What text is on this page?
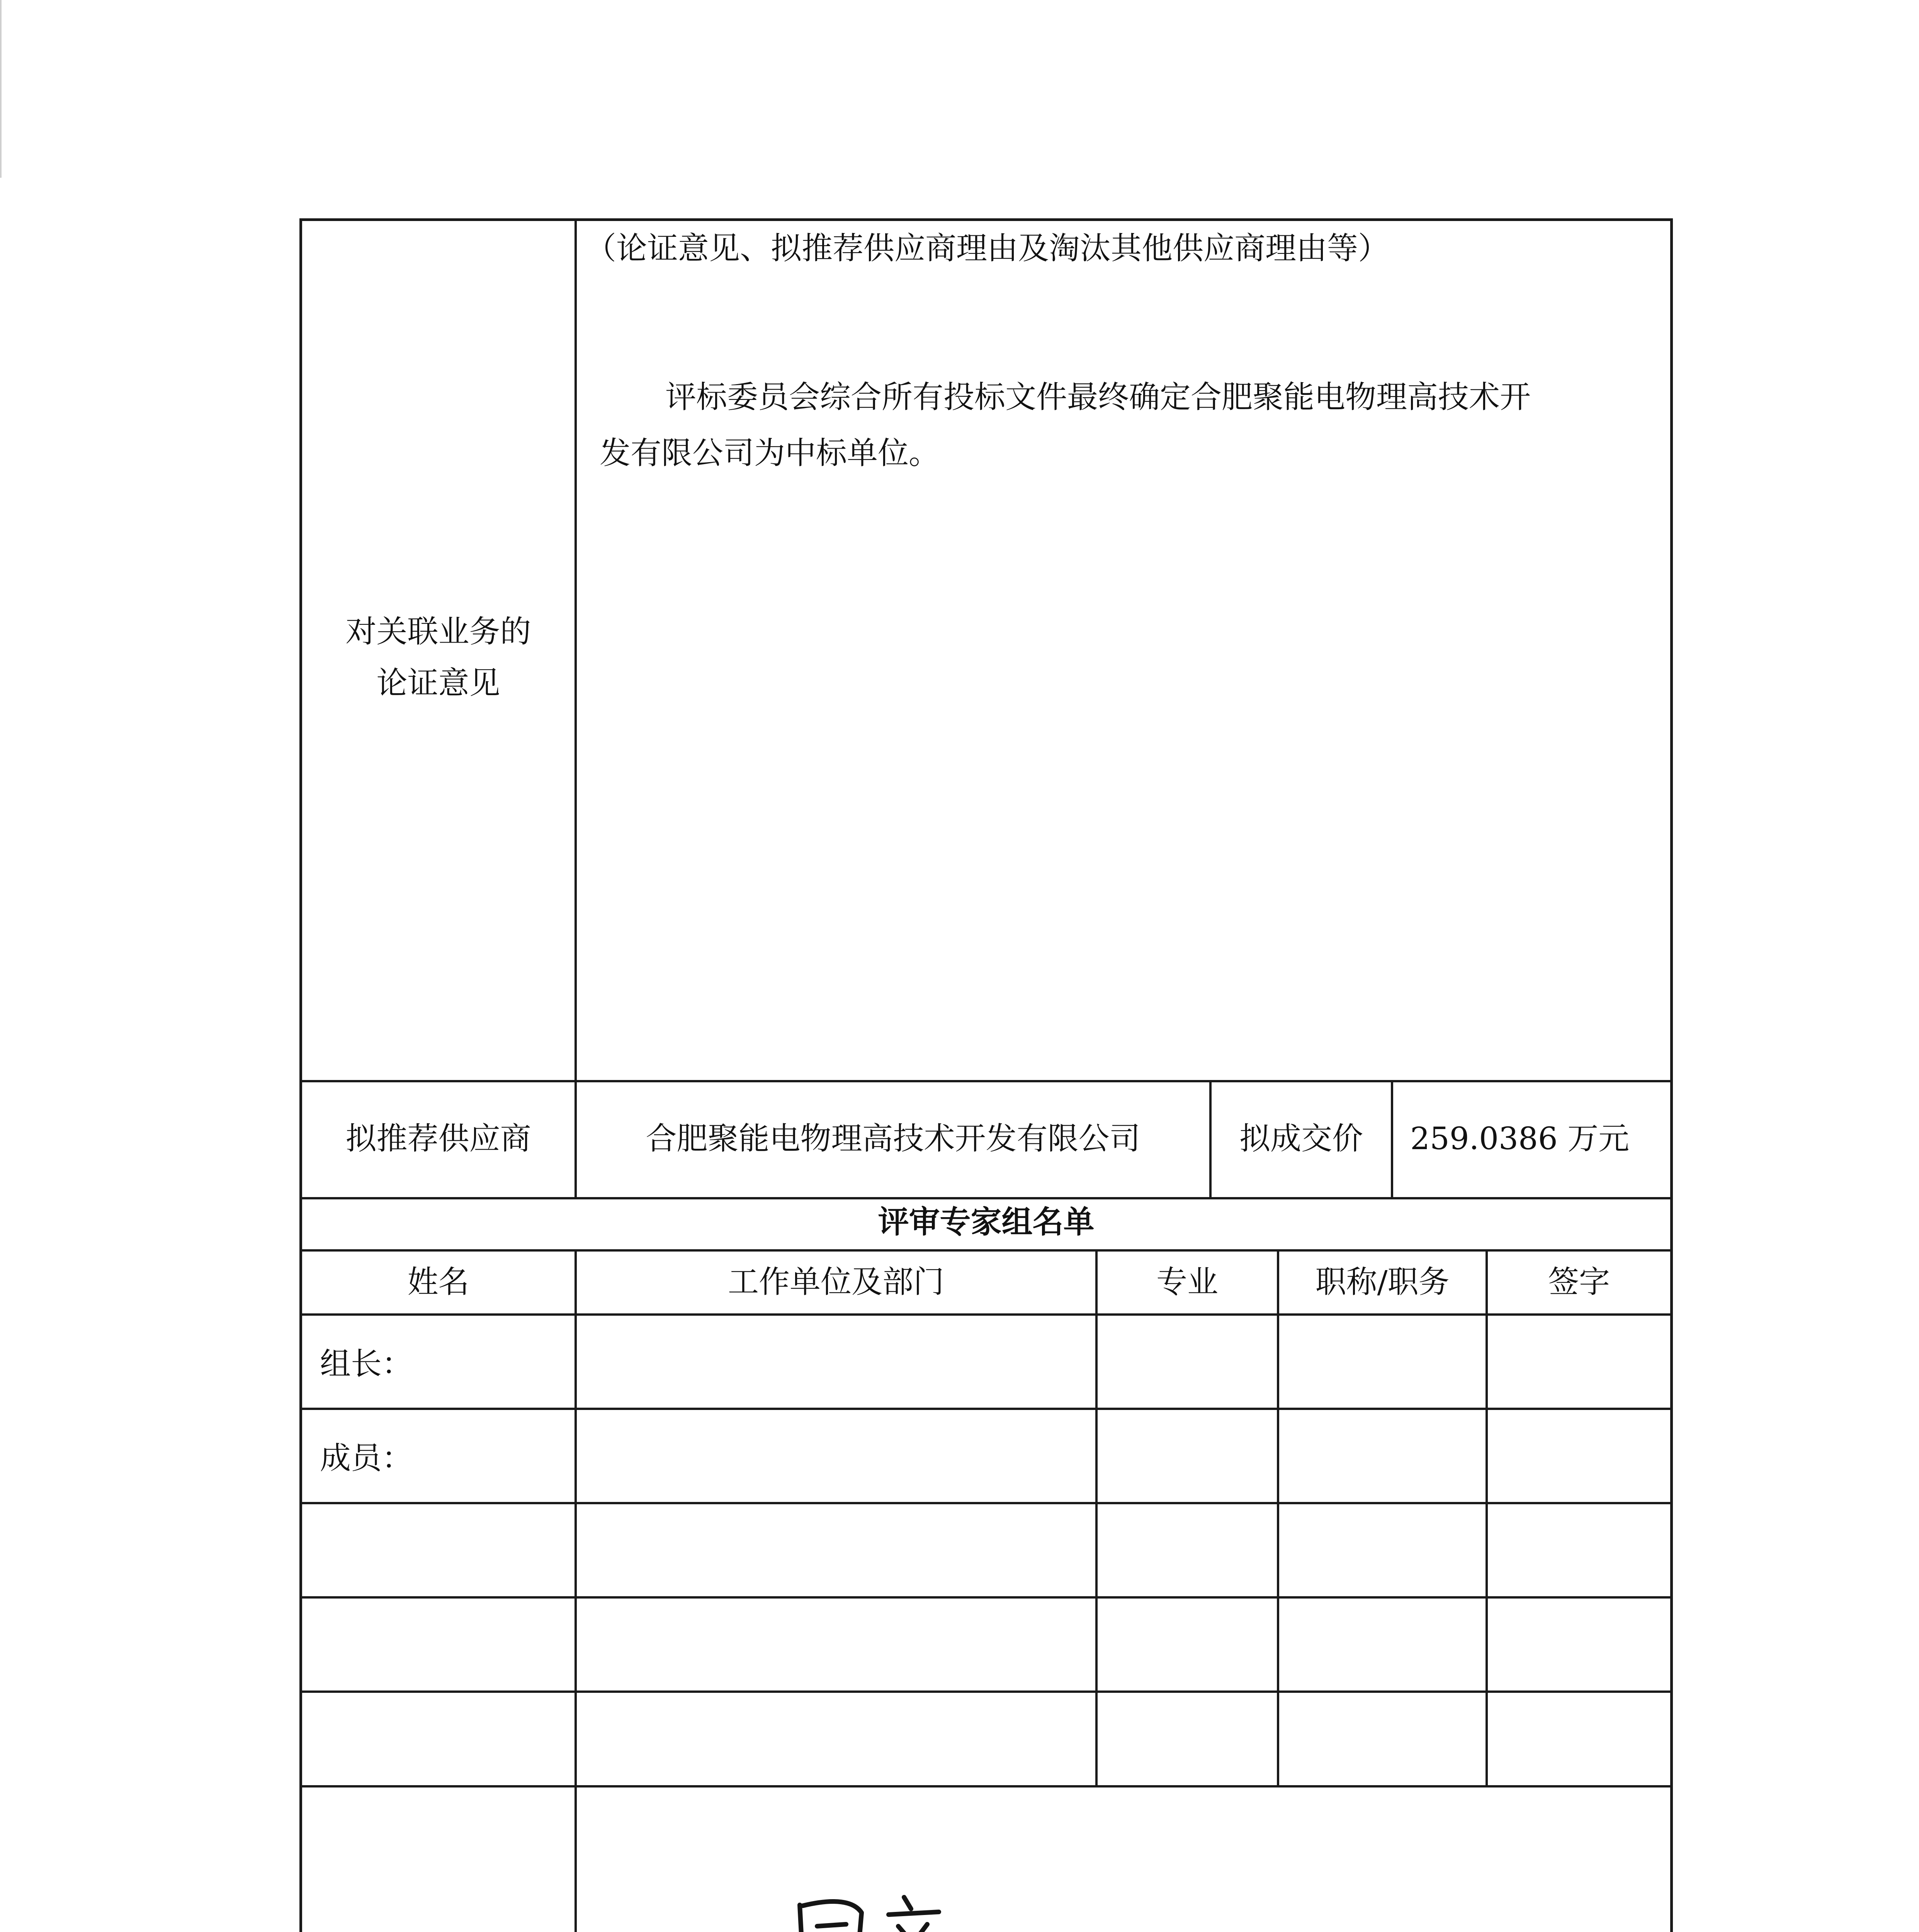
对关联业务的
论证意见
（论证意见、拟推荐供应商理由及淘汰其他供应商理由等）
评标委员会综合所有投标文件最终确定合肥聚能电物理高技术开
发有限公司为中标单位。
拟推荐供应商	合肥聚能电物理高技术开发有限公司	拟成交价	259.0386 万元
评审专家组名单
姓名	工作单位及部门	专业	职称/职务	签字
组长：
成员：
